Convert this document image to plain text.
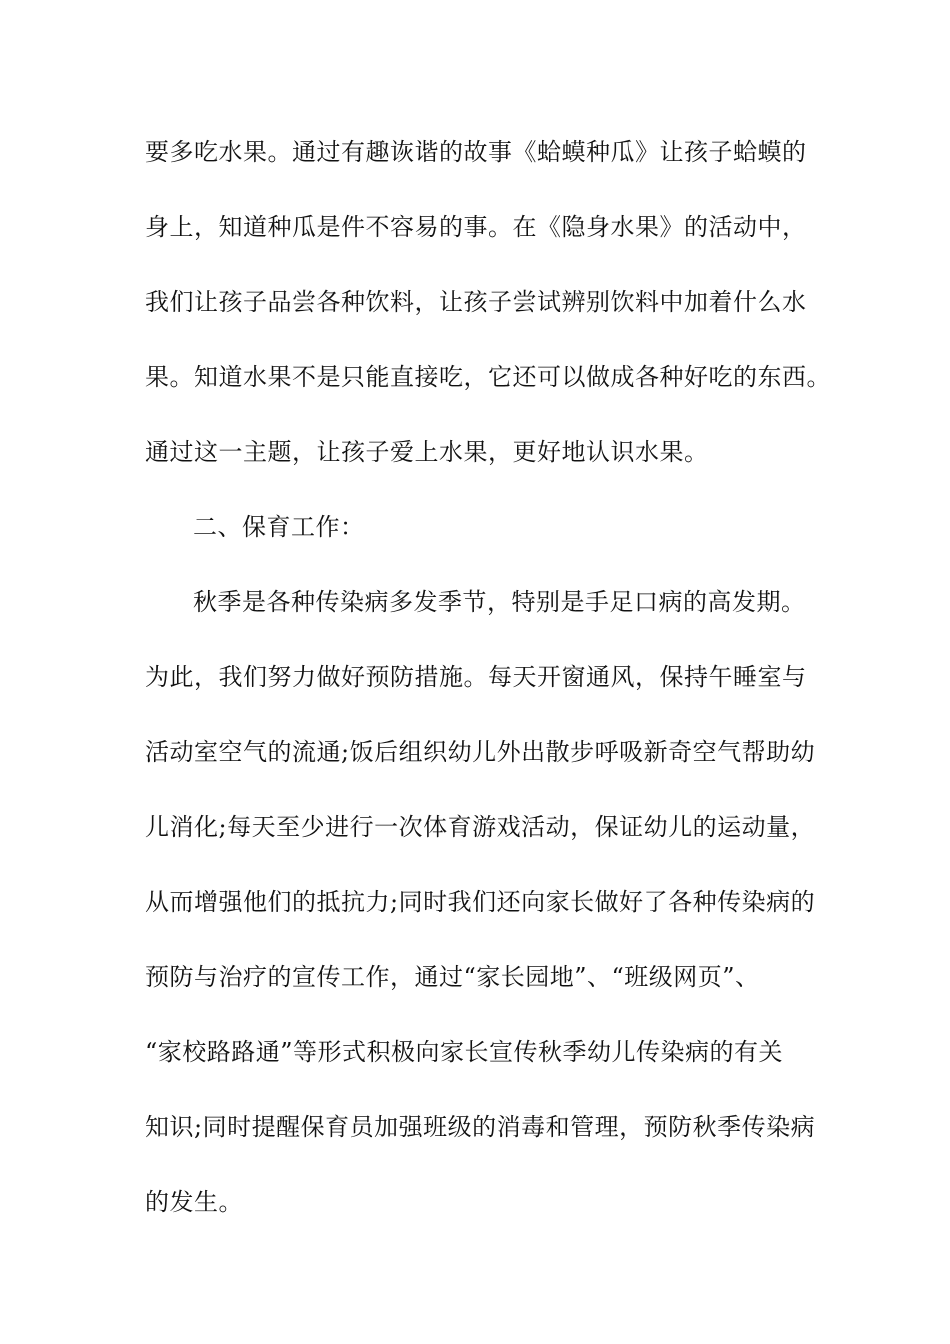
要多吃水果。通过有趣诙谐的故事《蛤蟆种瓜》让孩子蛤蟆的
身上，知道种瓜是件不容易的事。在《隐身水果》的活动中，
我们让孩子品尝各种饮料，让孩子尝试辨别饮料中加着什么水
果。知道水果不是只能直接吃，它还可以做成各种好吃的东西。
通过这一主题，让孩子爱上水果，更好地认识水果。
二、保育工作：
秋季是各种传染病多发季节，特别是手足口病的高发期。
为此，我们努力做好预防措施。每天开窗通风，保持午睡室与
活动室空气的流通;饭后组织幼儿外出散步呼吸新奇空气帮助幼
儿消化;每天至少进行一次体育游戏活动，保证幼儿的运动量，
从而增强他们的抵抗力;同时我们还向家长做好了各种传染病的
预防与治疗的宣传工作，通过“家长园地”、“班级网页”、
“家校路路通”等形式积极向家长宣传秋季幼儿传染病的有关
知识;同时提醒保育员加强班级的消毒和管理，预防秋季传染病
的发生。
